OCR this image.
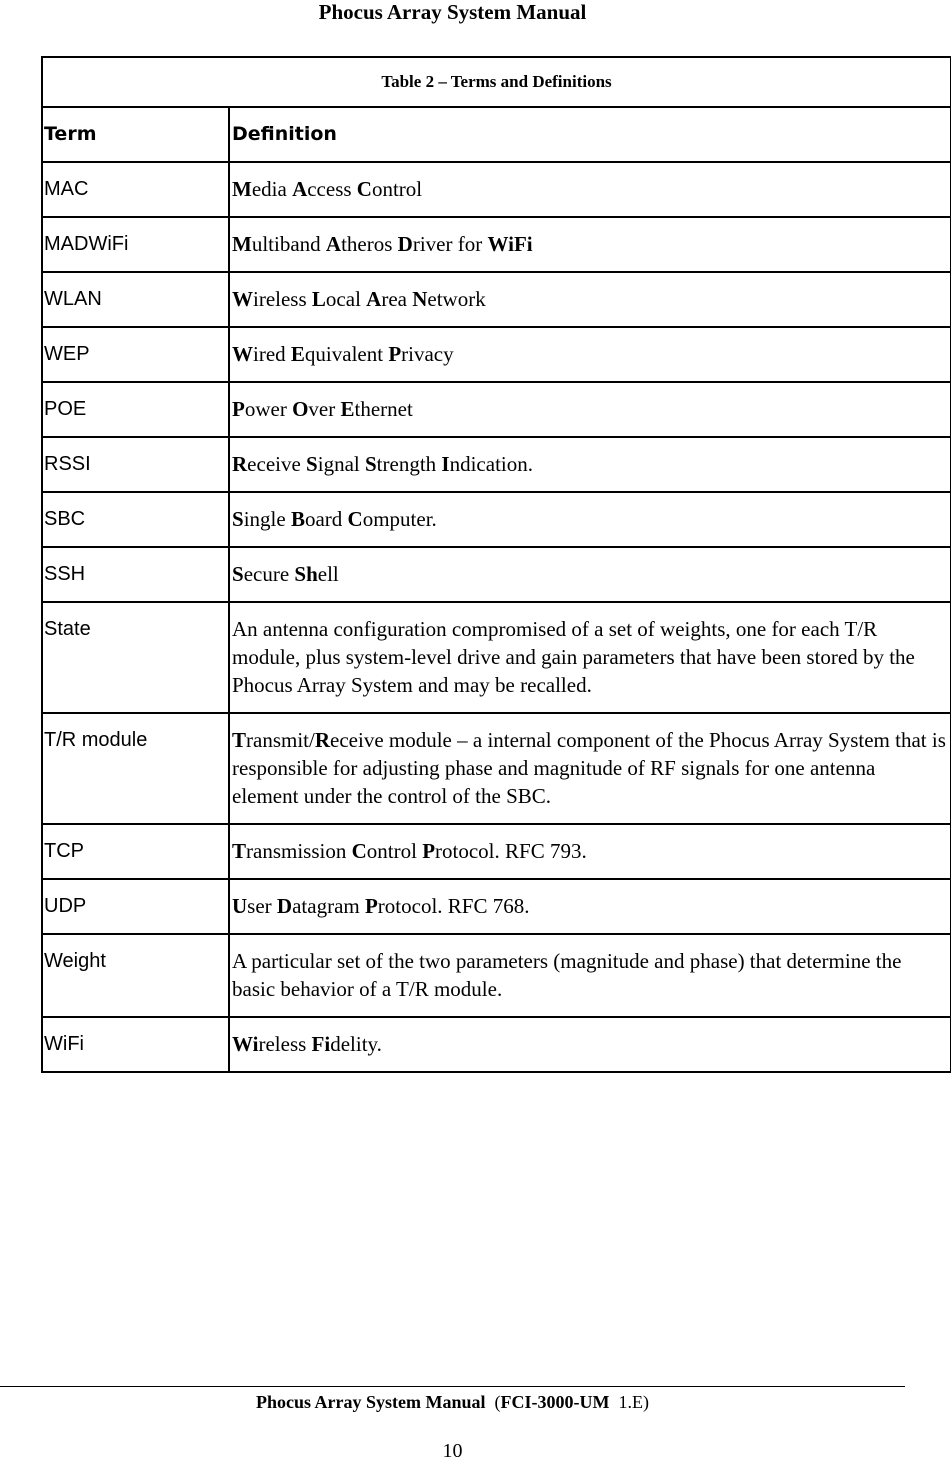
Phocus Array System Manual
Table 2 – Terms and Definitions	

Term	Definition

MAC	Media Access Control

MADWiFi	Multiband Atheros Driver for WiFi

WLAN	Wireless Local Area Network

WEP	Wired Equivalent Privacy

POE	Power Over Ethernet

RSSI	Receive Signal Strength Indication.

SBC	Single Board Computer.

SSH	Secure Shell

State	An antenna configuration compromised of a set of weights, one for each T/R module, plus system-level drive and gain parameters that have been stored by the Phocus Array System and may be recalled.

T/R module	Transmit/Receive module – a internal component of the Phocus Array System that is responsible for adjusting phase and magnitude of RF signals for one antenna element under the control of the SBC.

TCP	Transmission Control Protocol. RFC 793.

UDP	User Datagram Protocol. RFC 768.

Weight	A particular set of the two parameters (magnitude and phase) that determine the basic behavior of a T/R module.

WiFi	Wireless Fidelity.
Phocus Array System Manual  (FCI-3000-UM 1.E)
10
